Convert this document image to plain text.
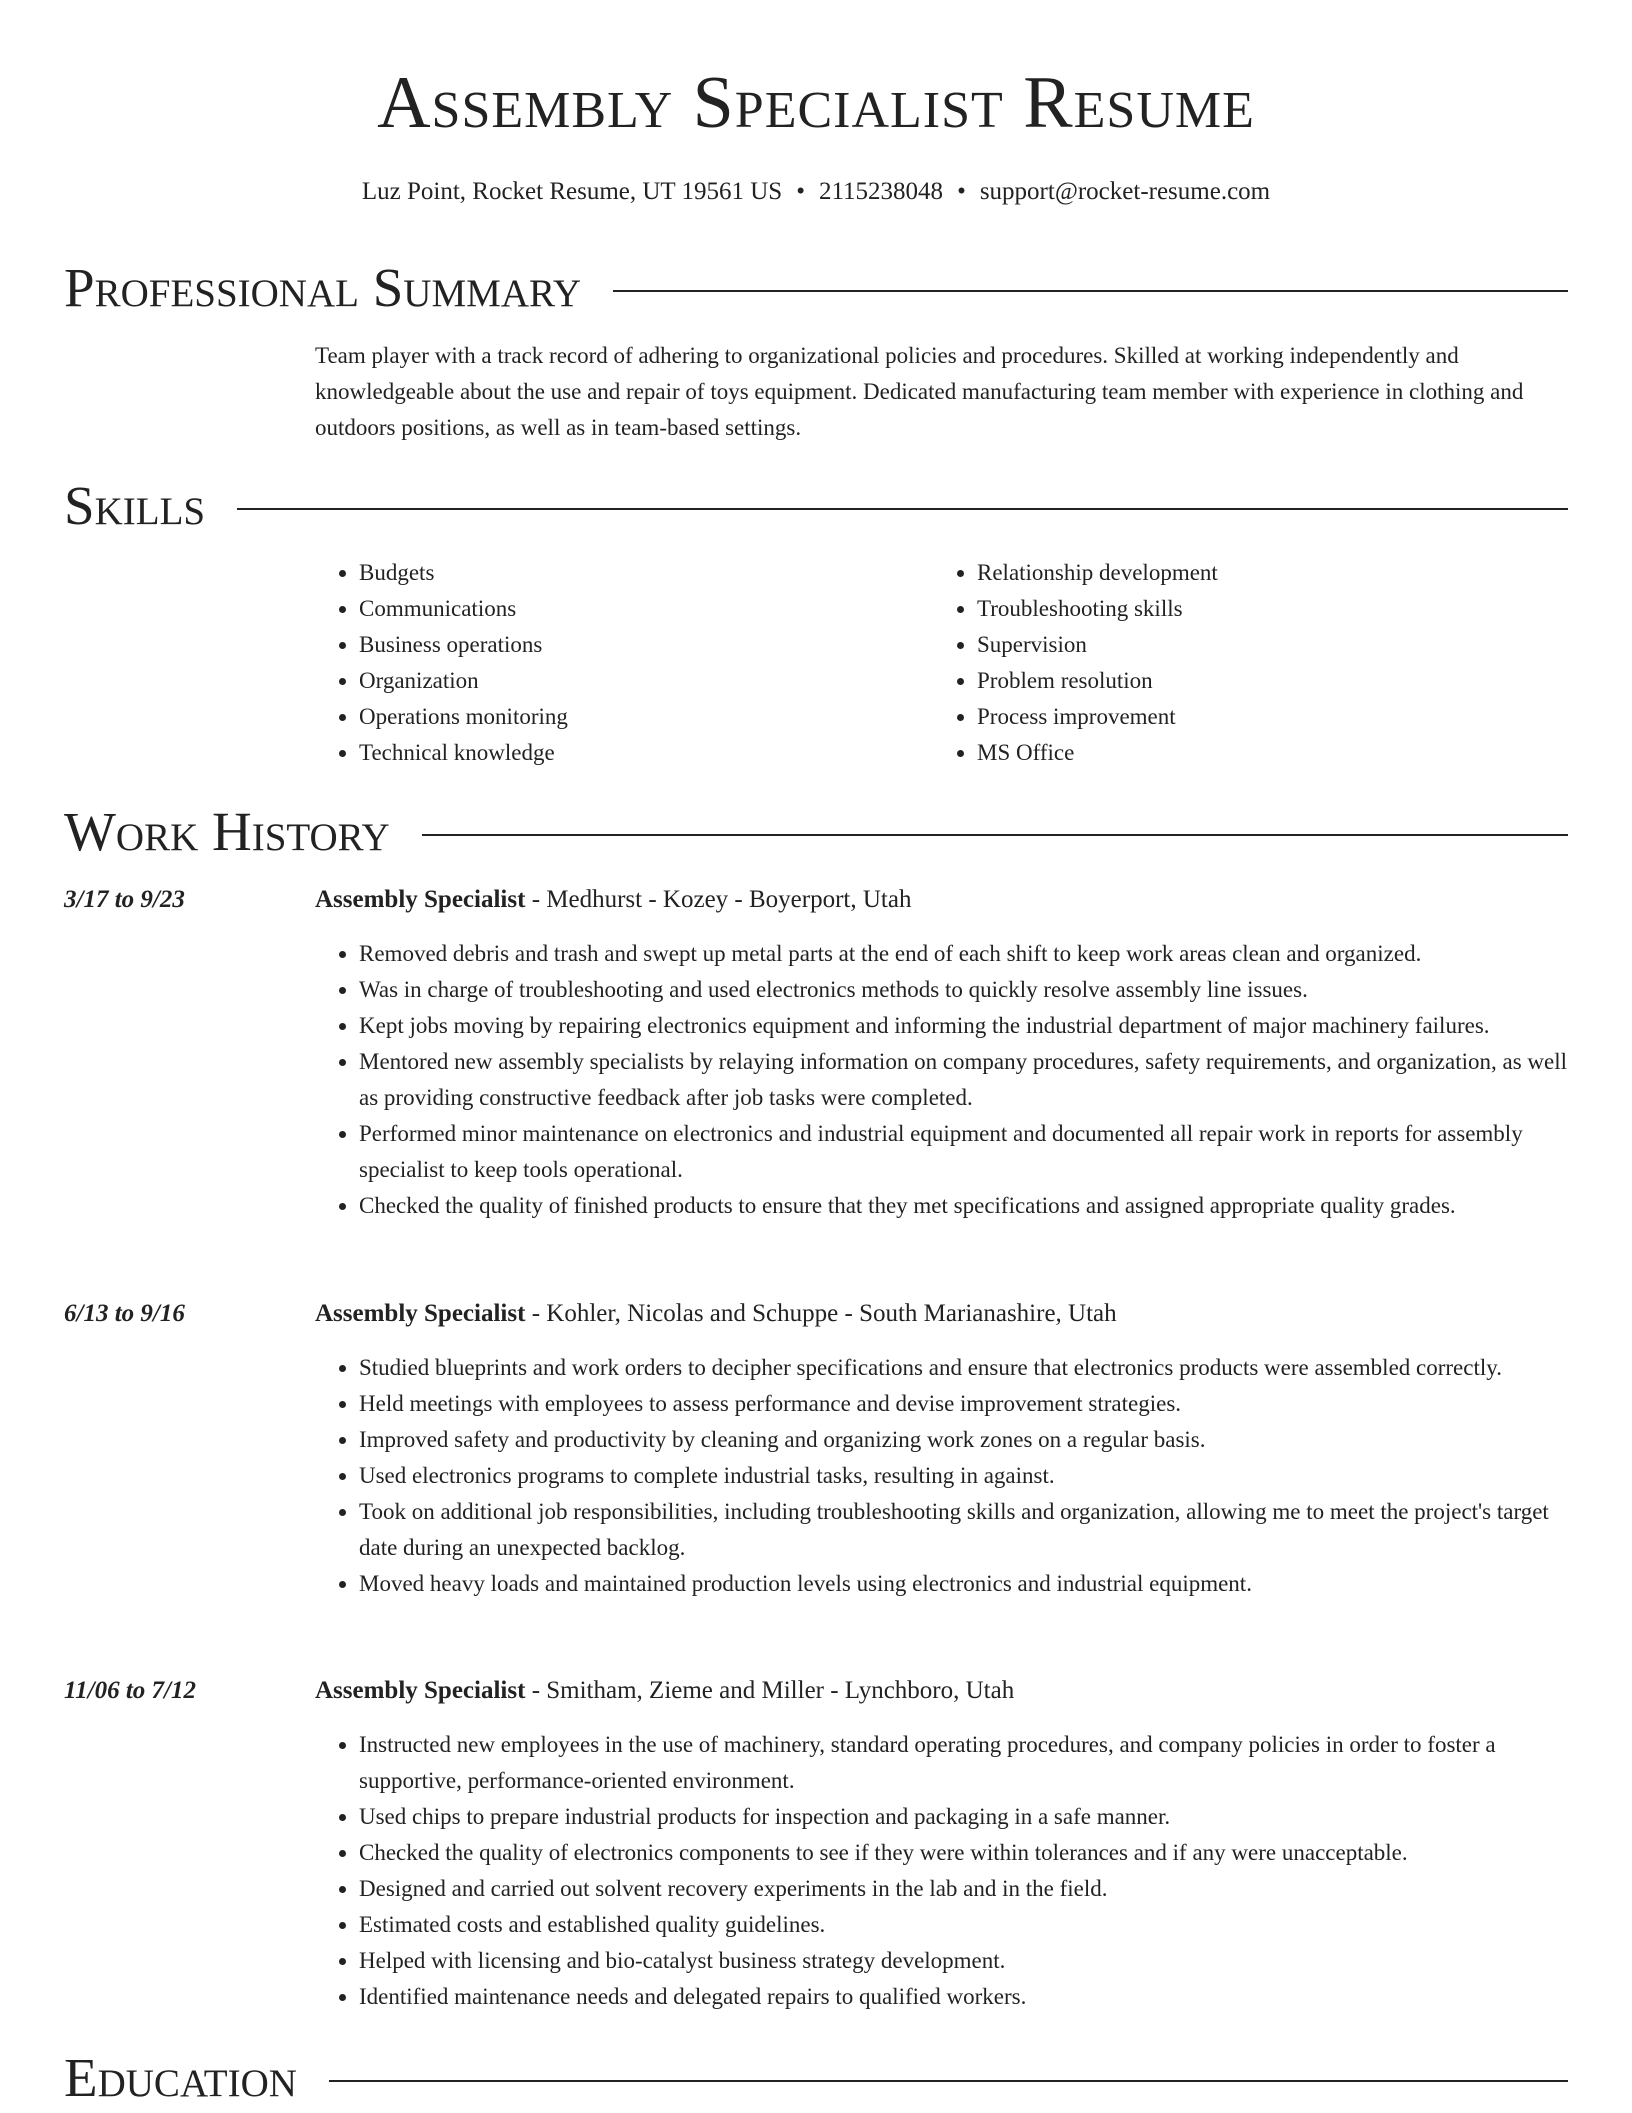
Assembly Specialist Resume
Luz Point, Rocket Resume, UT 19561 US • 2115238048 • support@rocket-resume.com
Professional Summary
Team player with a track record of adhering to organizational policies and procedures. Skilled at working independently and knowledgeable about the use and repair of toys equipment. Dedicated manufacturing team member with experience in clothing and outdoors positions, as well as in team-based settings.
Skills
• Budgets
• Communications
• Business operations
• Organization
• Operations monitoring
• Technical knowledge
• Relationship development
• Troubleshooting skills
• Supervision
• Problem resolution
• Process improvement
• MS Office
Work History
3/17 to 9/23	Assembly Specialist - Medhurst - Kozey - Boyerport, Utah
• Removed debris and trash and swept up metal parts at the end of each shift to keep work areas clean and organized.
• Was in charge of troubleshooting and used electronics methods to quickly resolve assembly line issues.
• Kept jobs moving by repairing electronics equipment and informing the industrial department of major machinery failures.
• Mentored new assembly specialists by relaying information on company procedures, safety requirements, and organization, as well as providing constructive feedback after job tasks were completed.
• Performed minor maintenance on electronics and industrial equipment and documented all repair work in reports for assembly specialist to keep tools operational.
• Checked the quality of finished products to ensure that they met specifications and assigned appropriate quality grades.
6/13 to 9/16	Assembly Specialist - Kohler, Nicolas and Schuppe - South Marianashire, Utah
• Studied blueprints and work orders to decipher specifications and ensure that electronics products were assembled correctly.
• Held meetings with employees to assess performance and devise improvement strategies.
• Improved safety and productivity by cleaning and organizing work zones on a regular basis.
• Used electronics programs to complete industrial tasks, resulting in against.
• Took on additional job responsibilities, including troubleshooting skills and organization, allowing me to meet the project's target date during an unexpected backlog.
• Moved heavy loads and maintained production levels using electronics and industrial equipment.
11/06 to 7/12	Assembly Specialist - Smitham, Zieme and Miller - Lynchboro, Utah
• Instructed new employees in the use of machinery, standard operating procedures, and company policies in order to foster a supportive, performance-oriented environment.
• Used chips to prepare industrial products for inspection and packaging in a safe manner.
• Checked the quality of electronics components to see if they were within tolerances and if any were unacceptable.
• Designed and carried out solvent recovery experiments in the lab and in the field.
• Estimated costs and established quality guidelines.
• Helped with licensing and bio-catalyst business strategy development.
• Identified maintenance needs and delegated repairs to qualified workers.
Education
